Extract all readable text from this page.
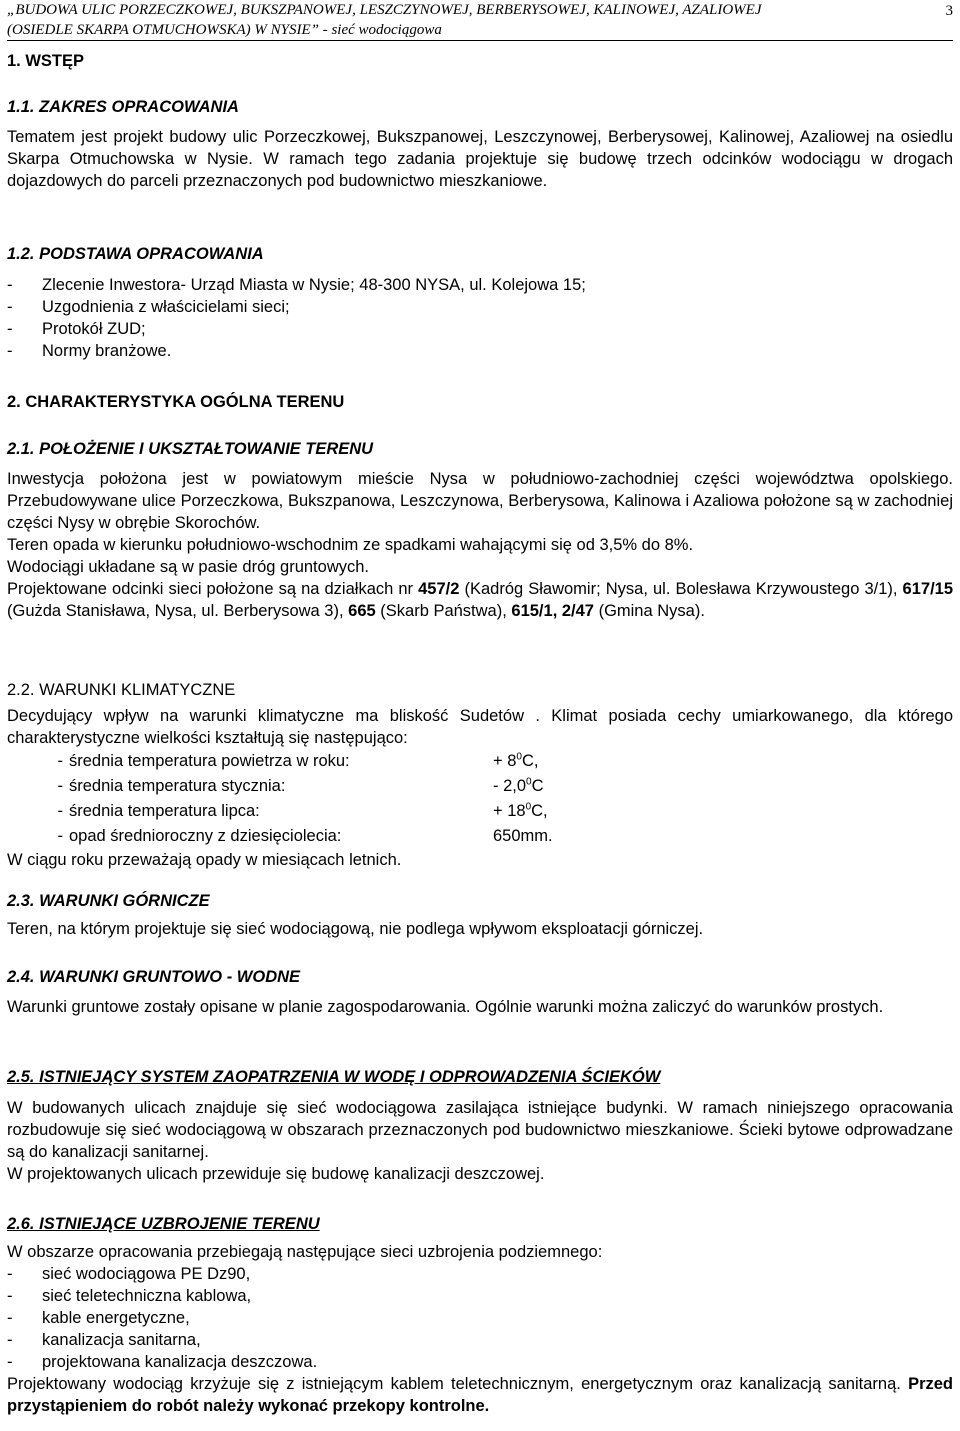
„BUDOWA ULIC PORZECZKOWEJ, BUKSZPANOWEJ, LESZCZYNOWEJ, BERBERYSOWEJ, KALINOWEJ, AZALIOWEJ
(OSIEDLE SKARPA OTMUCHOWSKA) W NYSIE” - sieć wodociągowa
3
1. WSTĘP
1.1. ZAKRES OPRACOWANIA

Tematem jest projekt budowy ulic Porzeczkowej, Bukszpanowej, Leszczynowej, Berberysowej, Kalinowej, Azaliowej na osiedlu Skarpa Otmuchowska w Nysie. W ramach tego zadania projektuje się budowę trzech odcinków wodociągu w drogach dojazdowych do parceli przeznaczonych pod budownictwo mieszkaniowe.

1.2. PODSTAWA OPRACOWANIA
-	Zlecenie Inwestora- Urząd Miasta w Nysie; 48-300 NYSA, ul. Kolejowa 15;
-	Uzgodnienia z właścicielami sieci;
-	Protokół ZUD;
-	Normy branżowe.
2. CHARAKTERYSTYKA OGÓLNA TERENU
2.1. POŁOŻENIE I UKSZTAŁTOWANIE TERENU

Inwestycja położona jest w powiatowym mieście Nysa w południowo-zachodniej części województwa opolskiego. Przebudowywane ulice Porzeczkowa, Bukszpanowa, Leszczynowa, Berberysowa, Kalinowa i Azaliowa położone są w zachodniej części Nysy w obrębie Skorochów.

Teren opada w kierunku południowo-wschodnim ze spadkami wahającymi się od 3,5% do 8%.

Wodociągi układane są w pasie dróg gruntowych.

Projektowane odcinki sieci położone są na działkach nr 457/2 (Kadróg Sławomir; Nysa, ul. Bolesława Krzywoustego 3/1), 617/15 (Gużda Stanisława, Nysa, ul. Berberysowa 3), 665 (Skarb Państwa), 615/1, 2/47 (Gmina Nysa).

2.2. WARUNKI KLIMATYCZNE

Decydujący wpływ na warunki klimatyczne ma bliskość Sudetów . Klimat posiada cechy umiarkowanego, dla którego charakterystyczne wielkości kształtują się następująco:

- średnia temperatura powietrza w roku:	+ $8^0C$,
- średnia temperatura stycznia:	- $2,0^0C$
- średnia temperatura lipca:	+ $18^0C$,
- opad średnioroczny z dziesięciolecia:	650mm.

W ciągu roku przeważają opady w miesiącach letnich.

2.3. WARUNKI GÓRNICZE

Teren, na którym projektuje się sieć wodociągową, nie podlega wpływom eksploatacji górniczej.

2.4. WARUNKI GRUNTOWO - WODNE

Warunki gruntowe zostały opisane w planie zagospodarowania. Ogólnie warunki można zaliczyć do warunków prostych.

2.5. ISTNIEJĄCY SYSTEM ZAOPATRZENIA W WODĘ I ODPROWADZENIA ŚCIEKÓW

W budowanych ulicach znajduje się sieć wodociągowa zasilająca istniejące budynki. W ramach niniejszego opracowania rozbudowuje się sieć wodociągową w obszarach przeznaczonych pod budownictwo mieszkaniowe. Ścieki bytowe odprowadzane są do kanalizacji sanitarnej.

W projektowanych ulicach przewiduje się budowę kanalizacji deszczowej.

2.6. ISTNIEJĄCE UZBROJENIE TERENU

W obszarze opracowania przebiegają następujące sieci uzbrojenia podziemnego:

-	sieć wodociągowa PE Dz90,
-	sieć teletechniczna kablowa,
-	kable energetyczne,
-	kanalizacja sanitarna,
-	projektowana kanalizacja deszczowa.

Projektowany wodociąg krzyżuje się z istniejącym kablem teletechnicznym, energetycznym oraz kanalizacją sanitarną. Przed przystąpieniem do robót należy wykonać przekopy kontrolne.
